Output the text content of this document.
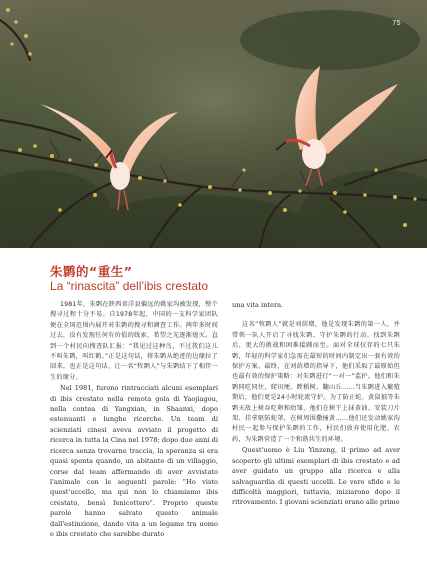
75
朱鹮的“重生”
La “rinascita” dell’ibis crestato

1981年，朱鹮在陕西省洋县偏远的姚家沟被发现，整个搜寻过程十分不易。自1978年起，中国的一支科学家团队便在全国范围内展开对朱鹮的搜寻和调查工作。两年多时间过去，没有发现任何有价值的线索，希望之光逐渐熄灭。直到一个村民向搜查队汇报：“我见过这种鸟，不过我们这儿不叫朱鹮，叫红鹤。”正是这句话，将朱鹮从绝迹的边缘拉了回来。也正是这句话，让一名“牧鹮人”与朱鹮结下了相伴一生的缘分。

Nel 1981, furono rintracciati alcuni esemplari di ibis crestato nella remota gola di Yaojiagou, nella contea di Yangxian, in Shaanxi, dopo estenuanti e lunghe ricerche. Un team di scienziati cinesi aveva avviato il progetto di ricerca in tutta la Cina nel 1978; dopo due anni di ricerca senza trovarne traccia, la speranza si era quasi spenta quando, un abitante di un villaggio, corse dal team affermando di aver avvistato l'animale con le seguenti parole: "Ho visto quest'uccello, ma qui non lo chiamiamo ibis crestato, bensì fenicottero". Proprio queste parole hanno salvato questo animale dall'estinzione, dando vita a un legame tra uomo e ibis crestato che sarebbe durato

una vita intera.

这名“牧鹮人”就是刘荫增，他是发现朱鹮的第一人，并带领一队人开启了寻找朱鹮、守护朱鹮的行动。找到朱鹮后，更大的挑战和困难接踵而至。面对全球仅存的七只朱鹮，年轻的科学家们急需在最短的时间内制定出一套有效的保护方案。最终，在刘荫增的指导下，他们采取了最原始但也最有效的保护策略：对朱鹮进行“一对一”监护。他们和朱鹮同吃同住，爬田埂、蹚稻树、翻山丘……当朱鹮进入繁殖期后，他们更是24小时轮流守护。为了防止蛇、黄鼠狼等朱鹮天敌上树吞吃卵和幼雏，他们在树干上抹黄油、安装刀片架、挂拿驱防蛇罩，在树周围撒撞黄……他们还发动姚家沟村民一起参与保护朱鹮的工作，村民们放弃使用化肥、农药，为朱鹮营造了一个和谐共生的环境。

Quest'uomo è Liu Yinzeng, il primo ad aver scoperto gli ultimi esemplari di ibis crestato e ad aver guidato un gruppo alla ricerca e alla salvaguardia di questi uccelli. Le vere sfide e le difficoltà maggiori, tuttavia, iniziarono dopo il ritrovamento. I giovani scienziati erano alle prime
